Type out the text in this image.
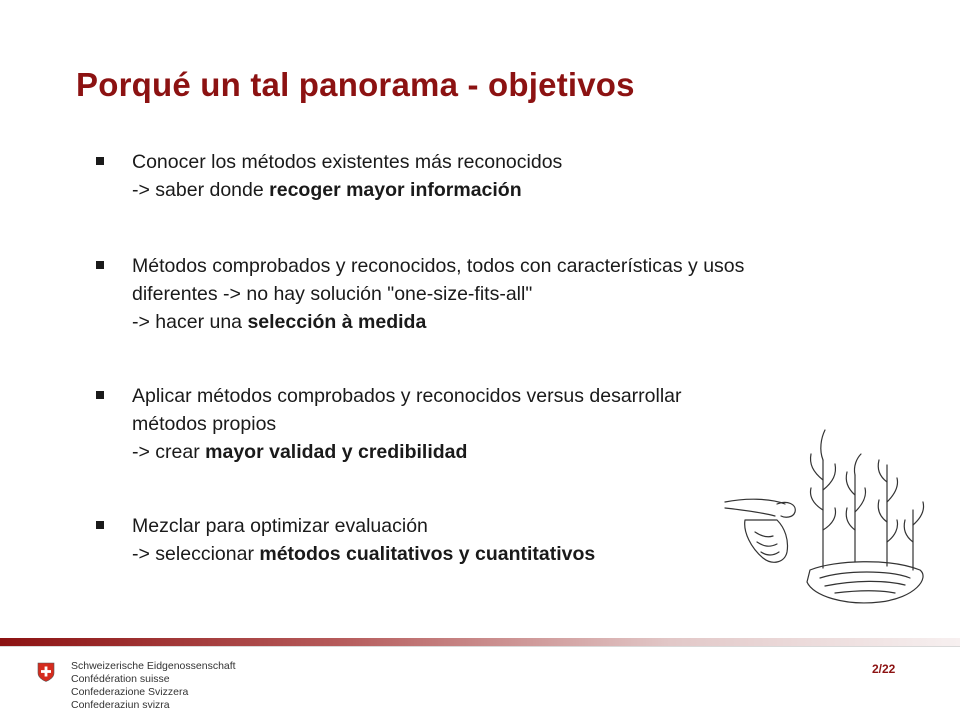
Porqué un tal panorama - objetivos
Conocer los métodos existentes más reconocidos
-> saber donde recoger mayor información
Métodos comprobados y reconocidos, todos con características y usos
diferentes -> no hay solución "one-size-fits-all"
-> hacer una selección à medida
Aplicar métodos comprobados y reconocidos versus desarrollar
métodos propios
-> crear mayor validad y credibilidad
Mezclar para optimizar evaluación
-> seleccionar métodos cualitativos y cuantitativos
Schweizerische Eidgenossenschaft
Confédération suisse
Confederazione Svizzera
Confederaziun svizra
2/22
